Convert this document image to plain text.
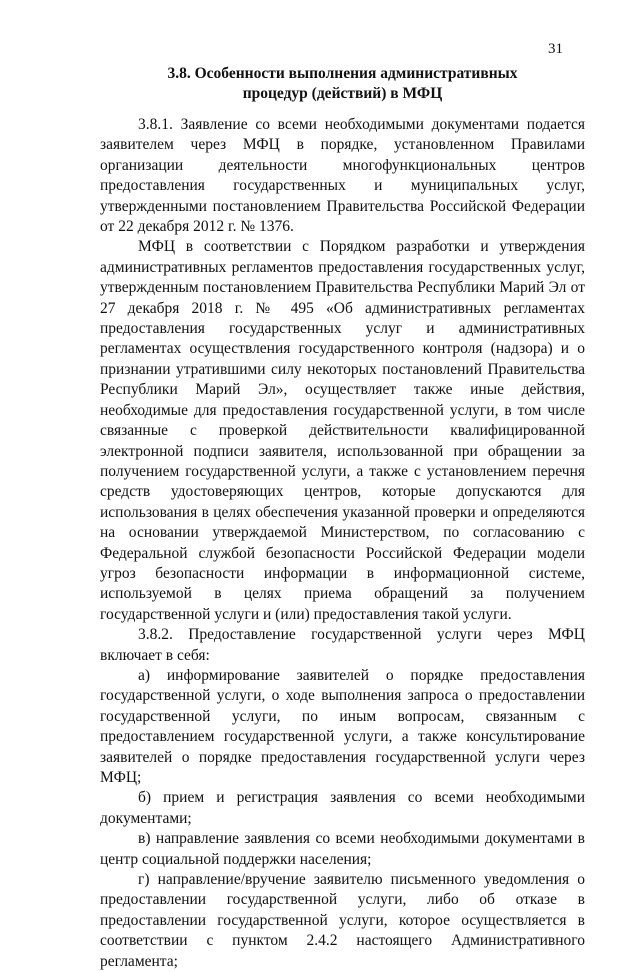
31
3.8. Особенности выполнения административных
процедур (действий) в МФЦ

3.8.1. Заявление со всеми необходимыми документами подается заявителем через МФЦ в порядке, установленном Правилами организации деятельности многофункциональных центров предоставления государственных и муниципальных услуг, утвержденными постановлением Правительства Российской Федерации от 22 декабря 2012 г. № 1376.

МФЦ в соответствии с Порядком разработки и утверждения административных регламентов предоставления государственных услуг, утвержденным постановлением Правительства Республики Марий Эл от 27 декабря 2018 г. № 495 «Об административных регламентах предоставления государственных услуг и административных регламентах осуществления государственного контроля (надзора) и о признании утратившими силу некоторых постановлений Правительства Республики Марий Эл», осуществляет также иные действия, необходимые для предоставления государственной услуги, в том числе связанные с проверкой действительности квалифицированной электронной подписи заявителя, использованной при обращении за получением государственной услуги, а также с установлением перечня средств удостоверяющих центров, которые допускаются для использования в целях обеспечения указанной проверки и определяются на основании утверждаемой Министерством, по согласованию с Федеральной службой безопасности Российской Федерации модели угроз безопасности информации в информационной системе, используемой в целях приема обращений за получением государственной услуги и (или) предоставления такой услуги.

3.8.2. Предоставление государственной услуги через МФЦ включает в себя:

а) информирование заявителей о порядке предоставления государственной услуги, о ходе выполнения запроса о предоставлении государственной услуги, по иным вопросам, связанным с предоставлением государственной услуги, а также консультирование заявителей о порядке предоставления государственной услуги через МФЦ;

б) прием и регистрация заявления со всеми необходимыми документами;

в) направление заявления со всеми необходимыми документами в центр социальной поддержки населения;

г) направление/вручение заявителю письменного уведомления о предоставлении государственной услуги, либо об отказе в предоставлении государственной услуги, которое осуществляется в соответствии с пунктом 2.4.2 настоящего Административного регламента;
